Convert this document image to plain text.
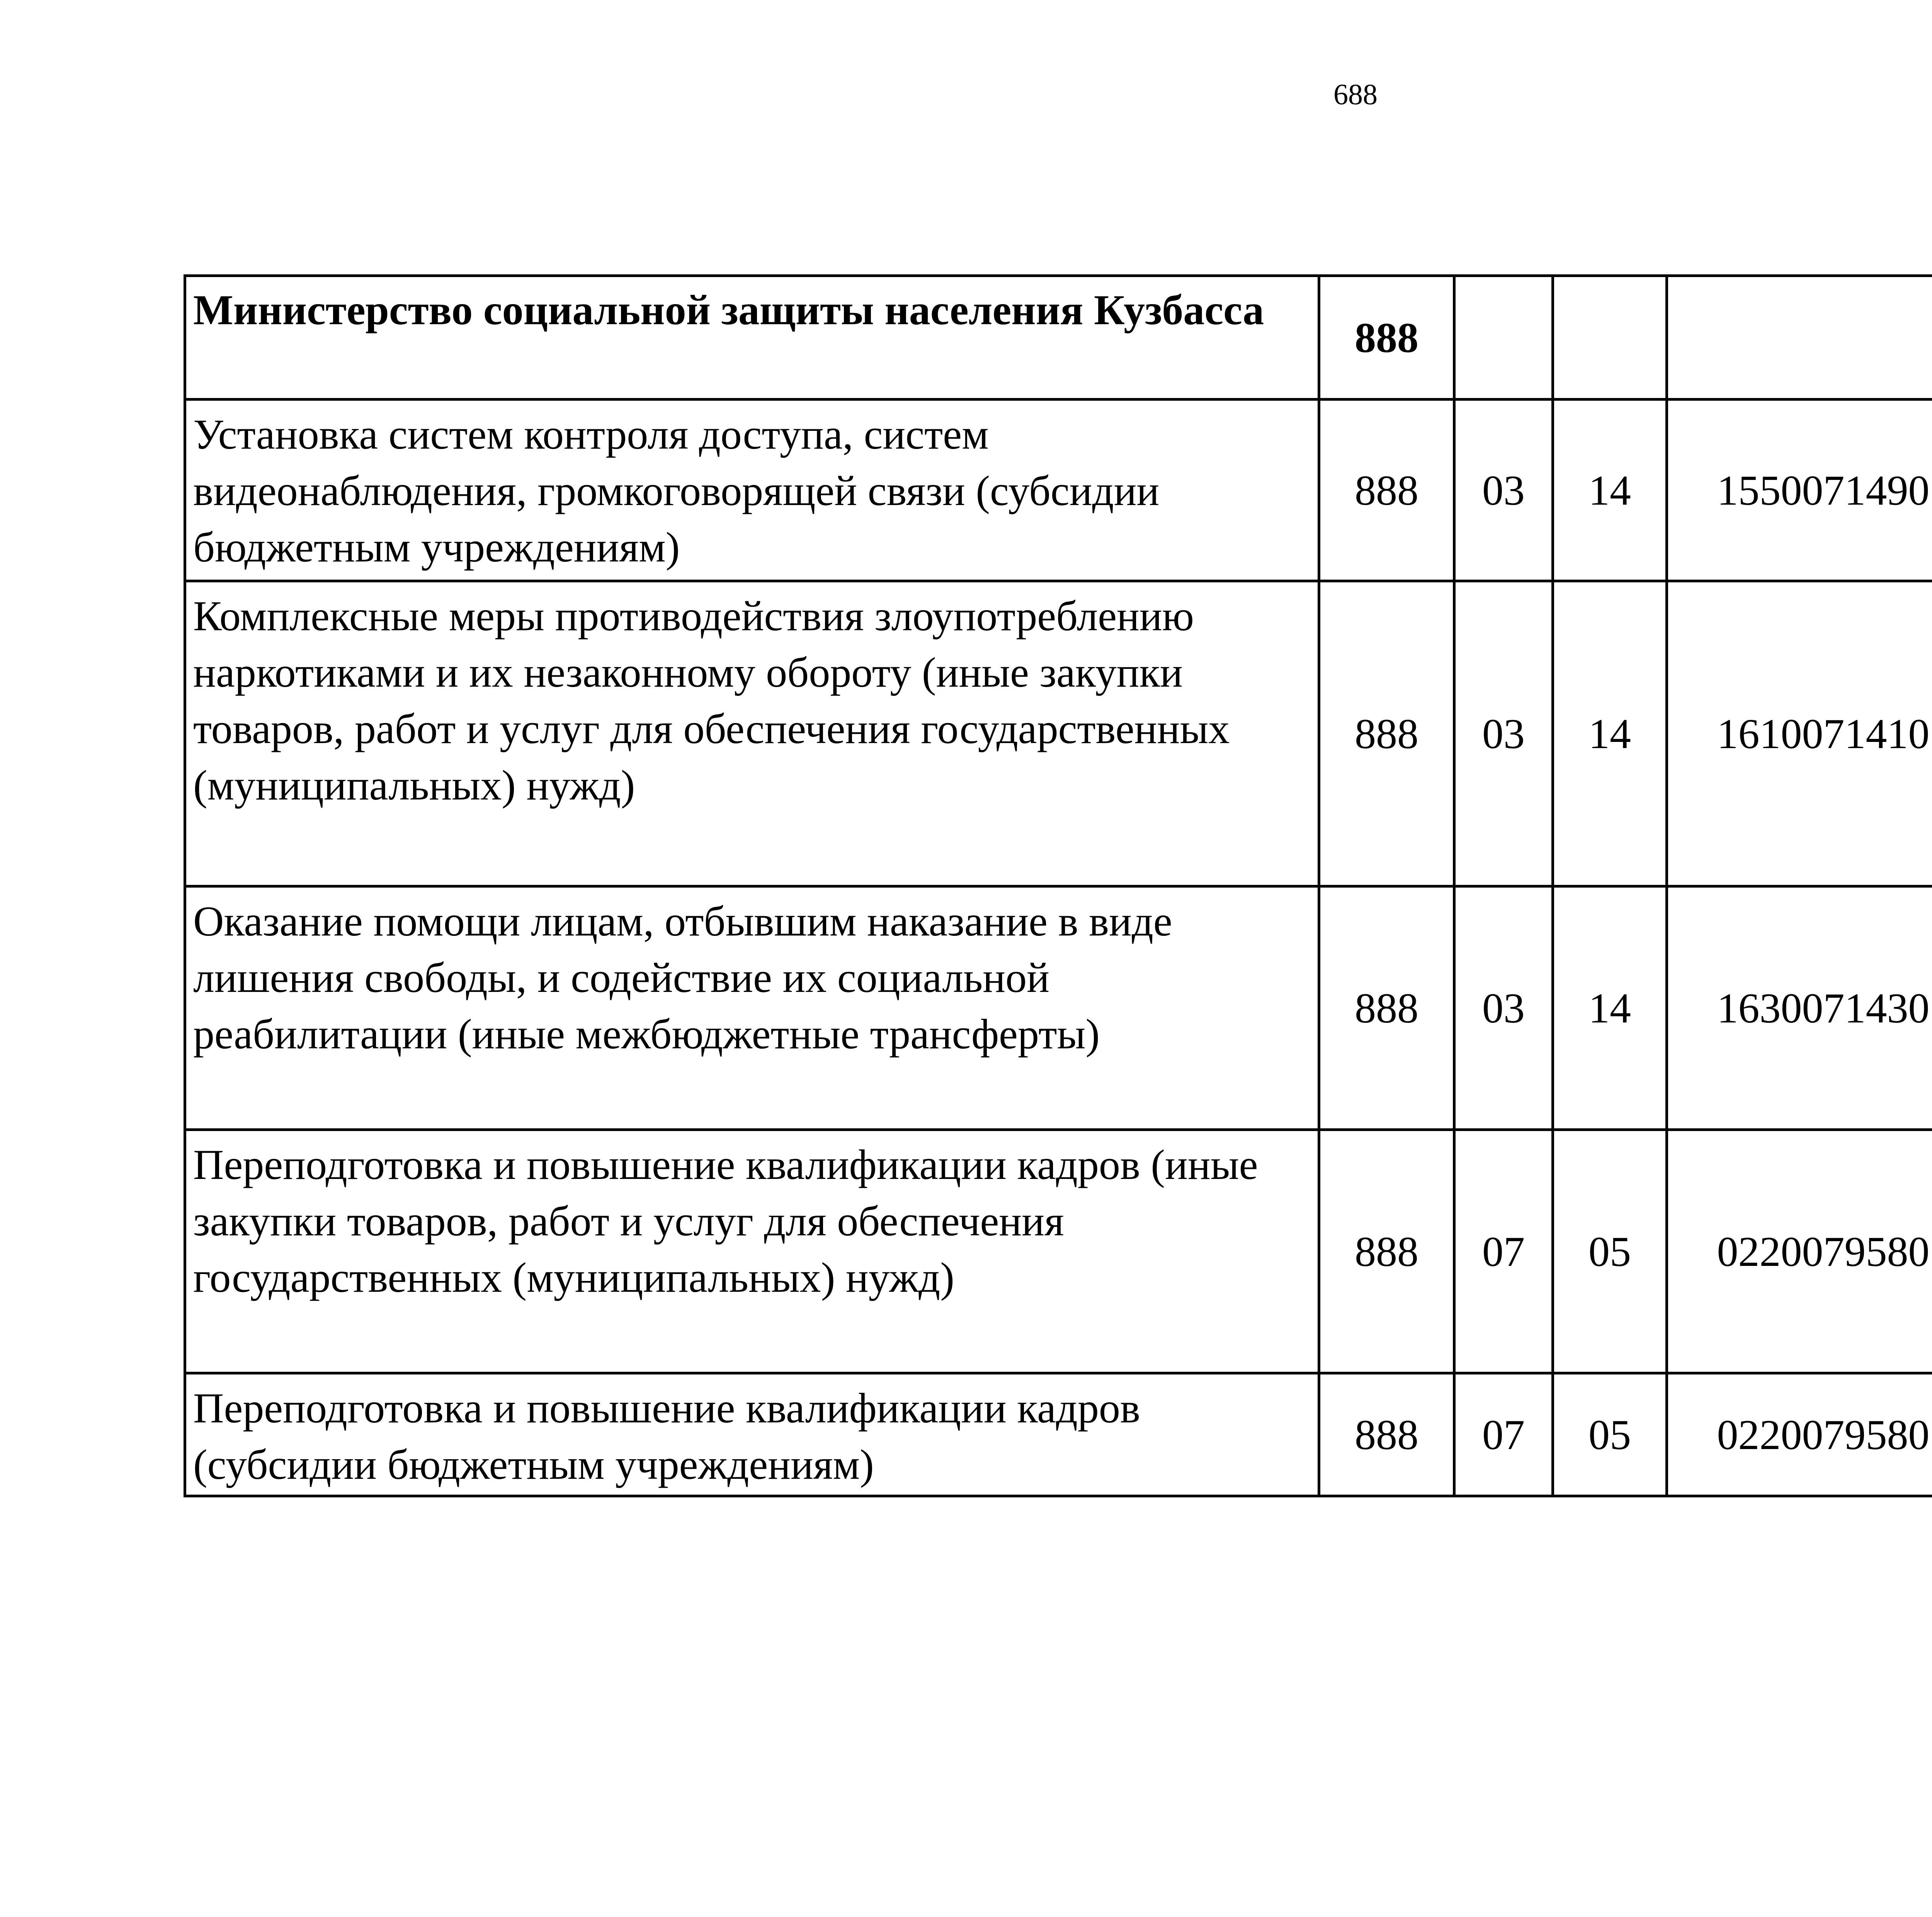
688
Министерство социальной защиты населения Кузбасса	888					
Установка систем контроля доступа, систем видеонаблюдения, громкоговорящей связи (субсидии бюджетным учреждениям)	888	03	14	1550071490		
Комплексные меры противодействия злоупотреблению наркотиками и их незаконному обороту (иные закупки товаров, работ и услуг для обеспечения государственных (муниципальных) нужд)	888	03	14	1610071410		
Оказание помощи лицам, отбывшим наказание в виде лишения свободы, и содействие их социальной реабилитации (иные межбюджетные трансферты)	888	03	14	1630071430		
Переподготовка и повышение квалификации кадров (иные закупки товаров, работ и услуг для обеспечения государственных (муниципальных) нужд)	888	07	05	0220079580		
Переподготовка и повышение квалификации кадров (субсидии бюджетным учреждениям)	888	07	05	0220079580		
